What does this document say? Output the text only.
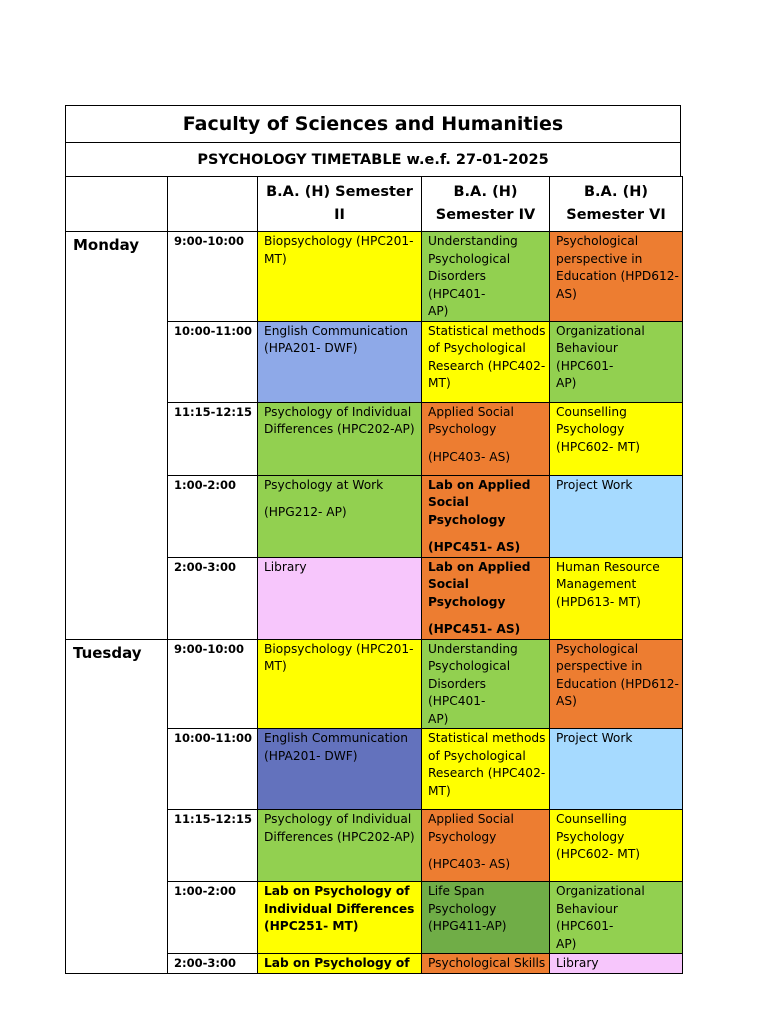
Faculty of Sciences and Humanities
PSYCHOLOGY TIMETABLE w.e.f. 27-01-2025
		B.A. (H) Semester II	B.A. (H)
Semester IV	B.A. (H)
Semester VI
Monday	9:00-10:00	Biopsychology (HPC201-
MT)	Understanding
Psychological
Disorders (HPC401-
AP)	Psychological
perspective in
Education (HPD612-
AS)

	10:00-11:00	English Communication
(HPA201- DWF)	Statistical methods
of Psychological
Research (HPC402-
MT)	Organizational
Behaviour (HPC601-
AP)

	11:15-12:15	Psychology of Individual
Differences (HPC202-AP)	Applied Social
Psychology
(HPC403- AS)	Counselling
Psychology
(HPC602- MT)

	1:00-2:00	Psychology at Work
(HPG212- AP)	Lab on Applied
Social Psychology
(HPC451- AS)	Project Work

	2:00-3:00	Library	Lab on Applied
Social Psychology
(HPC451- AS)	Human Resource
Management
(HPD613- MT)

Tuesday	9:00-10:00	Biopsychology (HPC201-
MT)	Understanding
Psychological
Disorders (HPC401-
AP)	Psychological
perspective in
Education (HPD612-
AS)

	10:00-11:00	English Communication
(HPA201- DWF)	Statistical methods
of Psychological
Research (HPC402-
MT)	Project Work

	11:15-12:15	Psychology of Individual
Differences (HPC202-AP)	Applied Social
Psychology
(HPC403- AS)	Counselling
Psychology
(HPC602- MT)

	1:00-2:00	Lab on Psychology of
Individual Differences
(HPC251- MT)	Life Span
Psychology
(HPG411-AP)	Organizational
Behaviour (HPC601-
AP)

	2:00-3:00	Lab on Psychology of	Psychological Skills	Library
